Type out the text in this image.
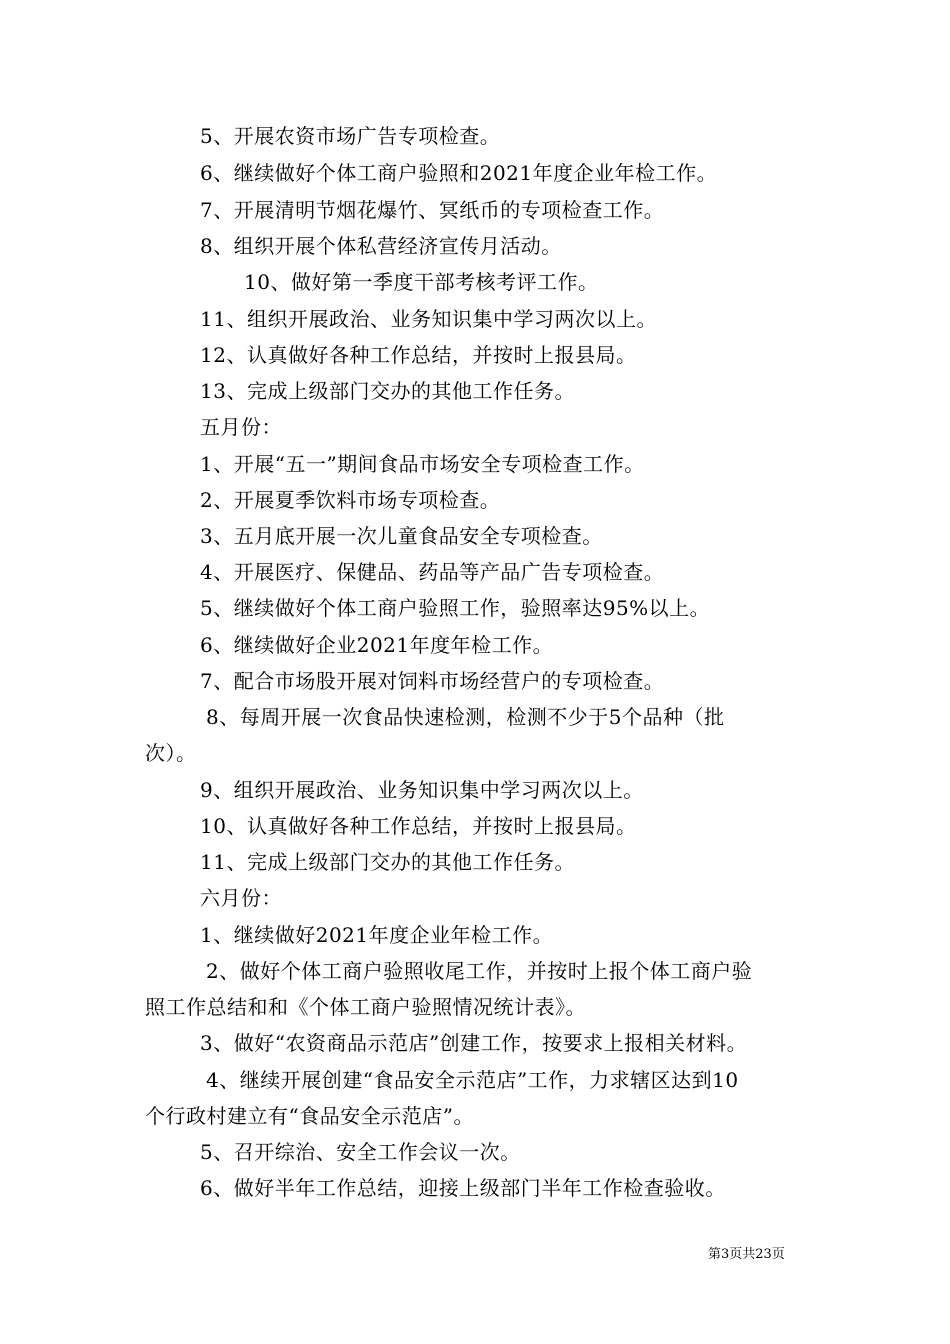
5、开展农资市场广告专项检查。
6、继续做好个体工商户验照和2021年度企业年检工作。
7、开展清明节烟花爆竹、冥纸币的专项检查工作。
8、组织开展个体私营经济宣传月活动。
10、做好第一季度干部考核考评工作。
11、组织开展政治、业务知识集中学习两次以上。
12、认真做好各种工作总结，并按时上报县局。
13、完成上级部门交办的其他工作任务。
五月份：
1、开展“五一”期间食品市场安全专项检查工作。
2、开展夏季饮料市场专项检查。
3、五月底开展一次儿童食品安全专项检查。
4、开展医疗、保健品、药品等产品广告专项检查。
5、继续做好个体工商户验照工作，验照率达95%以上。
6、继续做好企业2021年度年检工作。
7、配合市场股开展对饲料市场经营户的专项检查。
8、每周开展一次食品快速检测，检测不少于5个品种（批
次）。
9、组织开展政治、业务知识集中学习两次以上。
10、认真做好各种工作总结，并按时上报县局。
11、完成上级部门交办的其他工作任务。
六月份：
1、继续做好2021年度企业年检工作。
2、做好个体工商户验照收尾工作，并按时上报个体工商户验
照工作总结和和《个体工商户验照情况统计表》。
3、做好“农资商品示范店”创建工作，按要求上报相关材料。
4、继续开展创建“食品安全示范店”工作，力求辖区达到10
个行政村建立有“食品安全示范店”。
5、召开综治、安全工作会议一次。
6、做好半年工作总结，迎接上级部门半年工作检查验收。
第3页共23页
